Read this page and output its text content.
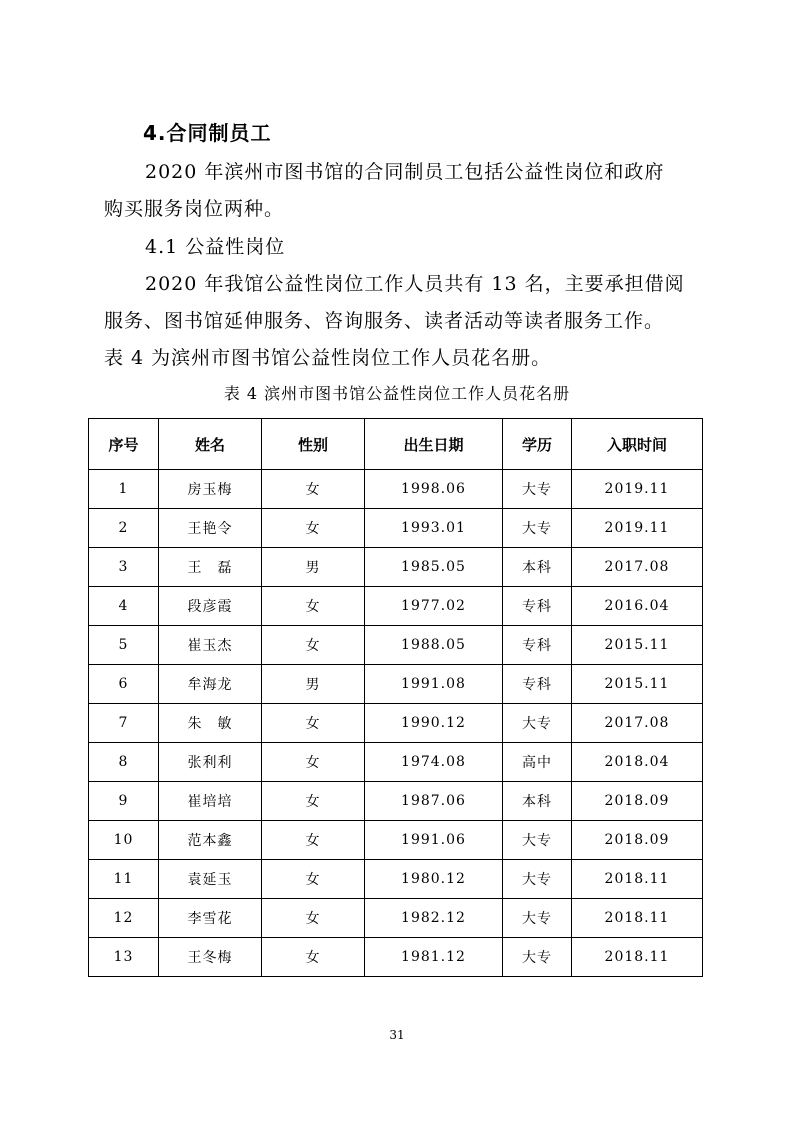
4.合同制员工
2020 年滨州市图书馆的合同制员工包括公益性岗位和政府
购买服务岗位两种。
4.1 公益性岗位
2020 年我馆公益性岗位工作人员共有 13 名，主要承担借阅
服务、图书馆延伸服务、咨询服务、读者活动等读者服务工作。
表 4 为滨州市图书馆公益性岗位工作人员花名册。
表 4 滨州市图书馆公益性岗位工作人员花名册
序号	姓名	性别	出生日期	学历	入职时间
1	房玉梅	女	1998.06	大专	2019.11
2	王艳令	女	1993.01	大专	2019.11
3	王　磊	男	1985.05	本科	2017.08
4	段彦霞	女	1977.02	专科	2016.04
5	崔玉杰	女	1988.05	专科	2015.11
6	牟海龙	男	1991.08	专科	2015.11
7	朱　敏	女	1990.12	大专	2017.08
8	张利利	女	1974.08	高中	2018.04
9	崔培培	女	1987.06	本科	2018.09
10	范本鑫	女	1991.06	大专	2018.09
11	袁延玉	女	1980.12	大专	2018.11
12	李雪花	女	1982.12	大专	2018.11
13	王冬梅	女	1981.12	大专	2018.11
31
